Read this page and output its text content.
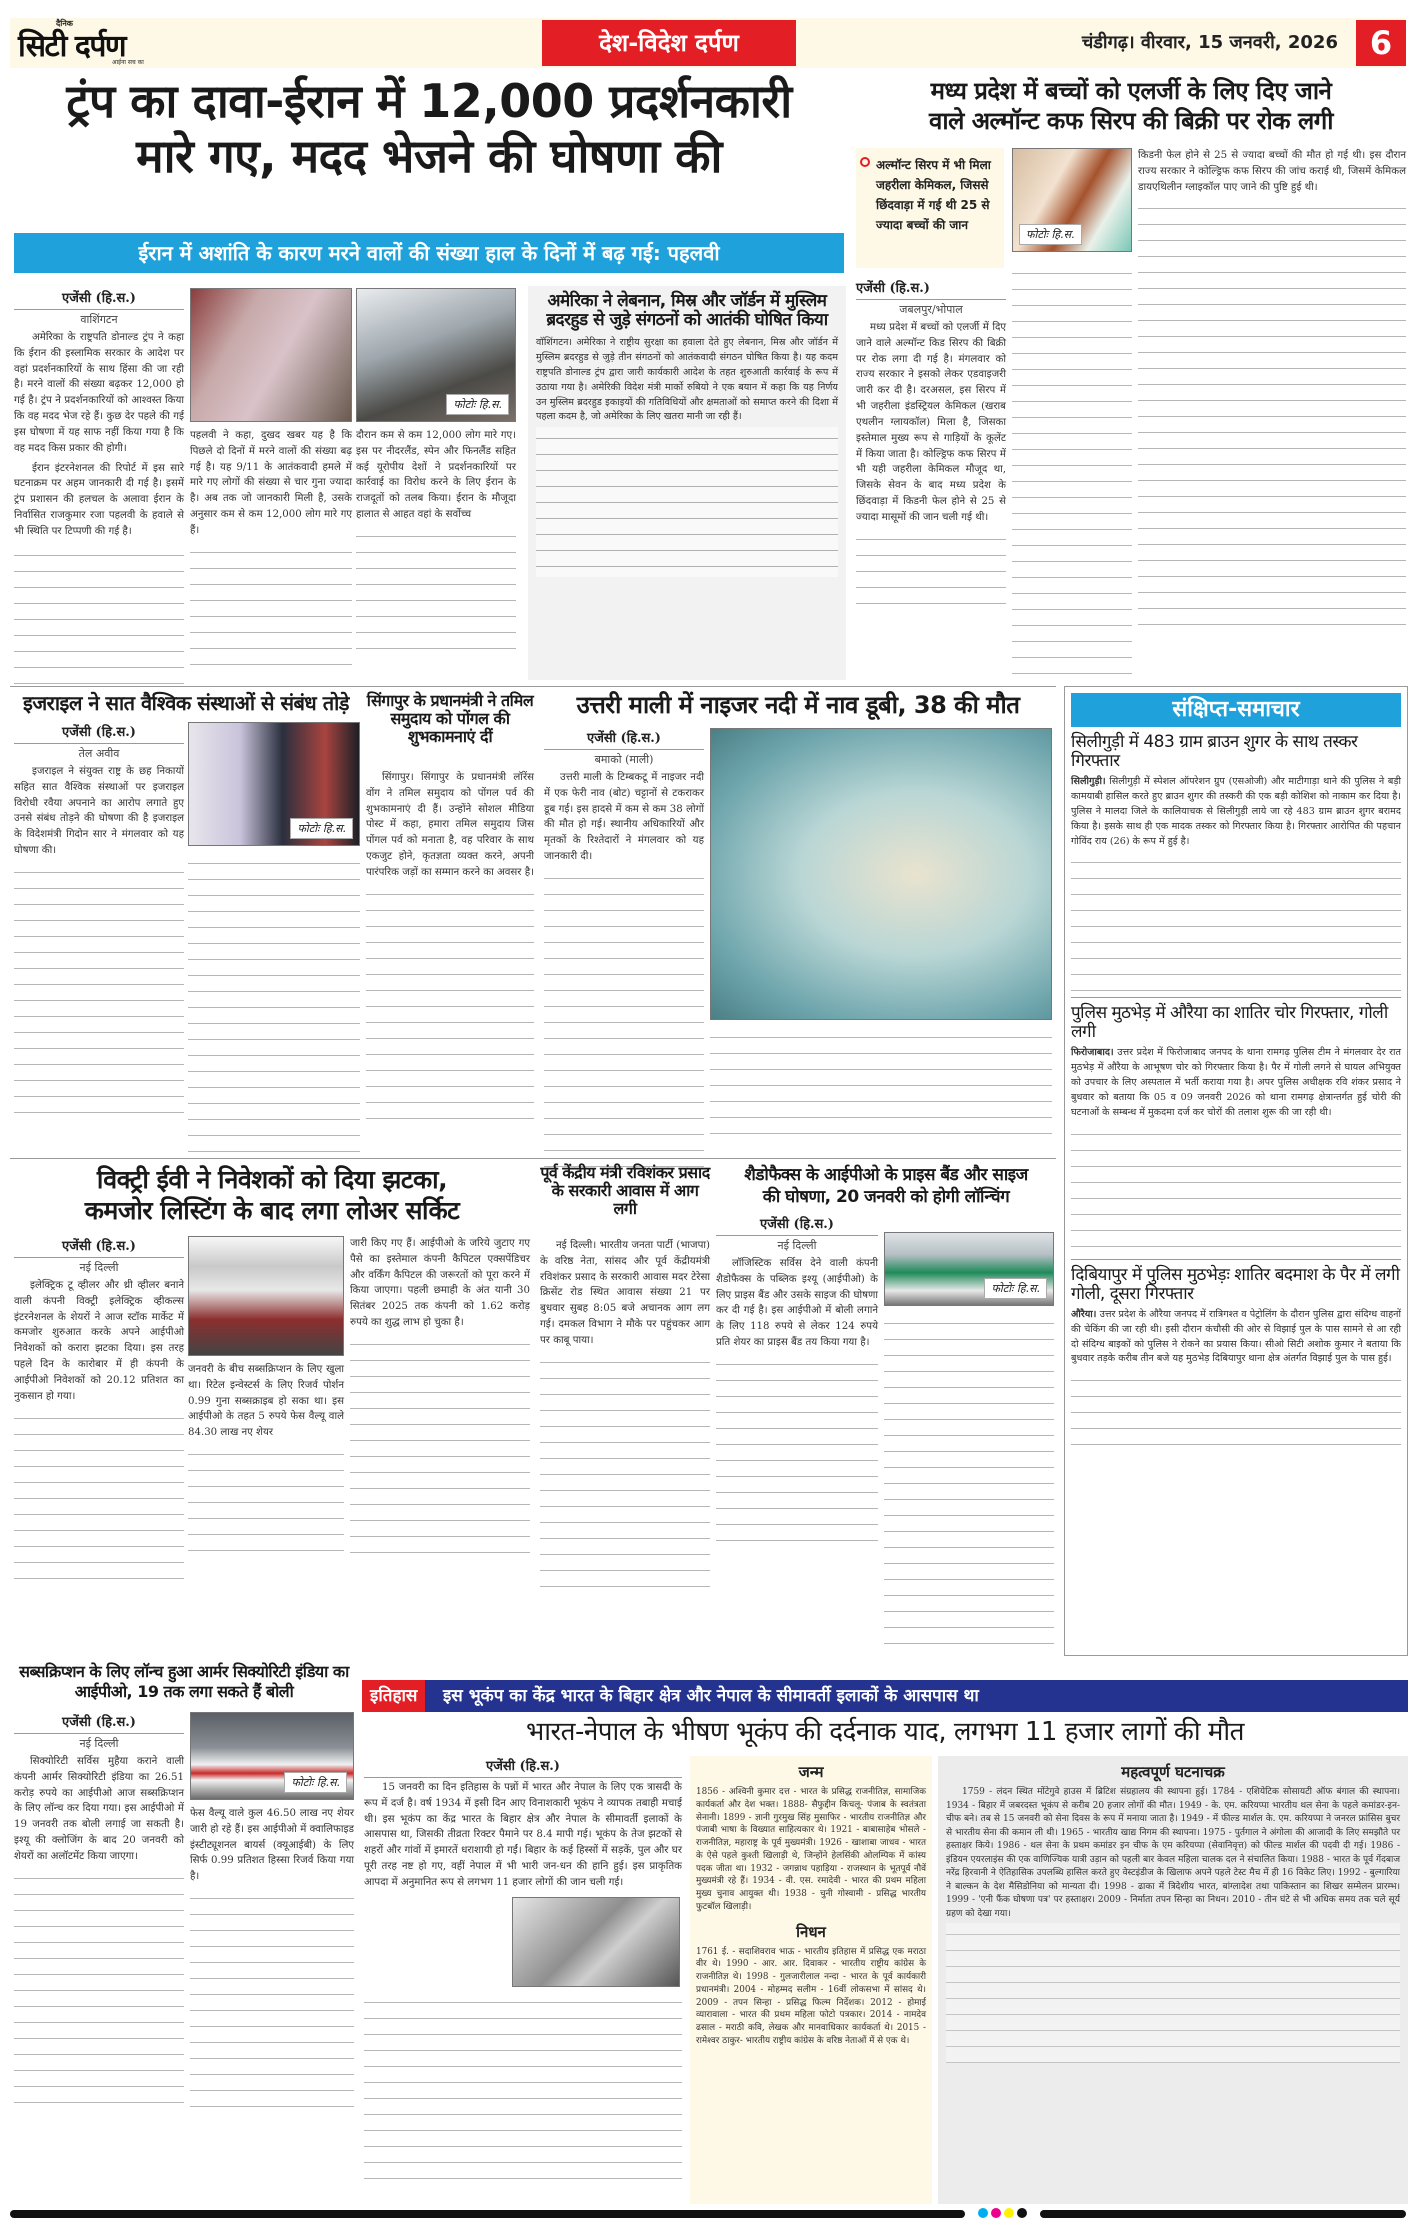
दैनिक
सिटी दर्पण
आईना सच का
देश-विदेश दर्पण	चंडीगढ़। वीरवार, 15 जनवरी, 2026 6
ट्रंप का दावा-ईरान में 12,000 प्रदर्शनकारी
मारे गए, मदद भेजने की घोषणा की
ईरान में अशांति के कारण मरने वालों की संख्या हाल के दिनों में बढ़ गई: पहलवी
एजेंसी (हि.स.)
वाशिंगटन

अमेरिका के राष्ट्रपति डोनाल्ड ट्रंप ने कहा कि ईरान की इस्लामिक सरकार के आदेश पर वहां प्रदर्शनकारियों के साथ हिंसा की जा रही है। मरने वालों की संख्या बढ़कर 12,000 हो गई है। ट्रंप ने प्रदर्शनकारियों को आश्वस्त किया कि वह मदद भेज रहे हैं। कुछ देर पहले की गई इस घोषणा में यह साफ नहीं किया गया है कि वह मदद किस प्रकार की होगी।

ईरान इंटरनेशनल की रिपोर्ट में इस सारे घटनाक्रम पर अहम जानकारी दी गई है। इसमें ट्रंप प्रशासन की हलचल के अलावा ईरान के निर्वासित राजकुमार रजा पहलवी के हवाले से भी स्थिति पर टिप्पणी की गई है।

फोटोः हि.स.

पहलवी ने कहा, दुखद खबर यह है कि पिछले दो दिनों में मरने वालों की संख्या बढ़ गई है। यह 9/11 के आतंकवादी हमले में मारे गए लोगों की संख्या से चार गुना ज्यादा है। अब तक जो जानकारी मिली है, उसके अनुसार कम से कम 12,000 लोग मारे गए हैं।

दौरान कम से कम 12,000 लोग मारे गए। इस पर नीदरलैंड, स्पेन और फिनलैंड सहित कई यूरोपीय देशों ने प्रदर्शनकारियों पर कार्रवाई का विरोध करने के लिए ईरान के राजदूतों को तलब किया। ईरान के मौजूदा हालात से आहत वहां के सर्वोच्च

अमेरिका ने लेबनान, मिस्र और जॉर्डन में मुस्लिम ब्रदरहुड से जुड़े संगठनों को आतंकी घोषित किया

वॉशिंगटन। अमेरिका ने राष्ट्रीय सुरक्षा का हवाला देते हुए लेबनान, मिस्र और जॉर्डन में मुस्लिम ब्रदरहुड से जुड़े तीन संगठनों को आतंकवादी संगठन घोषित किया है। यह कदम राष्ट्रपति डोनाल्ड ट्रंप द्वारा जारी कार्यकारी आदेश के तहत शुरुआती कार्रवाई के रूप में उठाया गया है। अमेरिकी विदेश मंत्री मार्को रुबियो ने एक बयान में कहा कि यह निर्णय उन मुस्लिम ब्रदरहुड इकाइयों की गतिविधियों और क्षमताओं को समाप्त करने की दिशा में पहला कदम है, जो अमेरिका के लिए खतरा मानी जा रही हैं।

मध्य प्रदेश में बच्चों को एलर्जी के लिए दिए जाने
वाले अल्मॉन्ट कफ सिरप की बिक्री पर रोक लगी
अल्मॉन्ट सिरप में भी मिला जहरीला केमिकल, जिससे छिंदवाड़ा में गई थी 25 से ज्यादा बच्चों की जान
फोटोः हि.स.

किडनी फेल होने से 25 से ज्यादा बच्चों की मौत हो गई थी। इस दौरान राज्य सरकार ने कोल्ड्रिफ कफ सिरप की जांच कराई थी, जिसमें केमिकल डायएथिलीन ग्लाइकॉल पाए जाने की पुष्टि हुई थी।

एजेंसी (हि.स.)
जबलपुर/भोपाल

मध्य प्रदेश में बच्चों को एलर्जी में दिए जाने वाले अल्मॉन्ट किड सिरप की बिक्री पर रोक लगा दी गई है। मंगलवार को राज्य सरकार ने इसको लेकर एडवाइजरी जारी कर दी है। दरअसल, इस सिरप में भी जहरीला इंडस्ट्रियल केमिकल (खराब एथलीन ग्लायकॉल) मिला है, जिसका इस्तेमाल मुख्य रूप से गाड़ियों के कूलेंट में किया जाता है। कोल्ड्रिफ कफ सिरप में भी यही जहरीला केमिकल मौजूद था, जिसके सेवन के बाद मध्य प्रदेश के छिंदवाड़ा में किडनी फेल होने से 25 से ज्यादा मासूमों की जान चली गई थी।

इजराइल ने सात वैश्विक संस्थाओं से संबंध तोड़े
एजेंसी (हि.स.)
तेल अवीव

इजराइल ने संयुक्त राष्ट्र के छह निकायों सहित सात वैश्विक संस्थाओं पर इजराइल विरोधी रवैया अपनाने का आरोप लगाते हुए उनसे संबंध तोड़ने की घोषणा की है इजराइल के विदेशमंत्री गिदोन सार ने मंगलवार को यह घोषणा की।

फोटोः हि.स.
सिंगापुर के प्रधानमंत्री ने तमिल समुदाय को पोंगल की शुभकामनाएं दीं

सिंगापुर। सिंगापुर के प्रधानमंत्री लॉरेंस वोंग ने तमिल समुदाय को पोंगल पर्व की शुभकामनाएं दी हैं। उन्होंने सोशल मीडिया पोस्ट में कहा, हमारा तमिल समुदाय जिस पोंगल पर्व को मनाता है, वह परिवार के साथ एकजुट होने, कृतज्ञता व्यक्त करने, अपनी पारंपरिक जड़ों का सम्मान करने का अवसर है।

उत्तरी माली में नाइजर नदी में नाव डूबी, 38 की मौत
एजेंसी (हि.स.)
बमाको (माली)

उत्तरी माली के टिम्बकटू में नाइजर नदी में एक फेरी नाव (बोट) चट्टानों से टकराकर डूब गई। इस हादसे में कम से कम 38 लोगों की मौत हो गई। स्थानीय अधिकारियों और मृतकों के रिश्तेदारों ने मंगलवार को यह जानकारी दी।

संक्षिप्त-समाचार
सिलीगुड़ी में 483 ग्राम ब्राउन शुगर के साथ तस्कर गिरफ्तार

सिलीगुड़ी। सिलीगुड़ी में स्पेशल ऑपरेशन ग्रुप (एसओजी) और माटीगाड़ा थाने की पुलिस ने बड़ी कामयाबी हासिल करते हुए ब्राउन शुगर की तस्करी की एक बड़ी कोशिश को नाकाम कर दिया है। पुलिस ने मालदा जिले के कालियाचक से सिलीगुड़ी लाये जा रहे 483 ग्राम ब्राउन शुगर बरामद किया है। इसके साथ ही एक मादक तस्कर को गिरफ्तार किया है। गिरफ्तार आरोपित की पहचान गोविंद राय (26) के रूप में हुई है।

पुलिस मुठभेड़ में औरैया का शातिर चोर गिरफ्तार, गोली लगी

फिरोजाबाद। उत्तर प्रदेश में फिरोजाबाद जनपद के थाना रामगढ़ पुलिस टीम ने मंगलवार देर रात मुठभेड़ में औरैया के आभूषण चोर को गिरफ्तार किया है। पैर में गोली लगने से घायल अभियुक्त को उपचार के लिए अस्पताल में भर्ती कराया गया है। अपर पुलिस अधीक्षक रवि शंकर प्रसाद ने बुधवार को बताया कि 05 व 09 जनवरी 2026 को थाना रामगढ़ क्षेत्रान्तर्गत हुई चोरी की घटनाओं के सम्बन्ध में मुकदमा दर्ज कर चोरों की तलाश शुरू की जा रही थी।

दिबियापुर में पुलिस मुठभेड़ः शातिर बदमाश के पैर में लगी गोली, दूसरा गिरफ्तार

औरैया। उत्तर प्रदेश के औरैया जनपद में रात्रिगश्त व पेट्रोलिंग के दौरान पुलिस द्वारा संदिग्ध वाहनों की चेकिंग की जा रही थी। इसी दौरान कंचौसी की ओर से विझाई पुल के पास सामने से आ रही दो संदिग्ध बाइकों को पुलिस ने रोकने का प्रयास किया। सीओ सिटी अशोक कुमार ने बताया कि बुधवार तड़के करीब तीन बजे यह मुठभेड़ दिबियापुर थाना क्षेत्र अंतर्गत विझाई पुल के पास हुई।

विक्ट्री ईवी ने निवेशकों को दिया झटका,
कमजोर लिस्टिंग के बाद लगा लोअर सर्किट
एजेंसी (हि.स.)
नई दिल्ली

इलेक्ट्रिक टू व्हीलर और थ्री व्हीलर बनाने वाली कंपनी विक्ट्री इलेक्ट्रिक व्हीकल्स इंटरनेशनल के शेयरों ने आज स्टॉक मार्केट में कमजोर शुरुआत करके अपने आईपीओ निवेशकों को करारा झटका दिया। इस तरह पहले दिन के कारोबार में ही कंपनी के आईपीओ निवेशकों को 20.12 प्रतिशत का नुकसान हो गया।

जनवरी के बीच सब्सक्रिप्शन के लिए खुला था। रिटेल इन्वेस्टर्स के लिए रिजर्व पोर्शन 0.99 गुना सब्सक्राइब हो सका था। इस आईपीओ के तहत 5 रुपये फेस वैल्यू वाले 84.30 लाख नए शेयर

जारी किए गए हैं। आईपीओ के जरिये जुटाए गए पैसे का इस्तेमाल कंपनी कैपिटल एक्सपेंडिचर और वर्किंग कैपिटल की जरूरतों को पूरा करने में किया जाएगा। पहली छमाही के अंत यानी 30 सितंबर 2025 तक कंपनी को 1.62 करोड़ रुपये का शुद्ध लाभ हो चुका है।

पूर्व केंद्रीय मंत्री रविशंकर प्रसाद के सरकारी आवास में आग लगी

नई दिल्ली। भारतीय जनता पार्टी (भाजपा) के वरिष्ठ नेता, सांसद और पूर्व केंद्रीयमंत्री रविशंकर प्रसाद के सरकारी आवास मदर टेरेसा क्रिसेंट रोड स्थित आवास संख्या 21 पर बुधवार सुबह 8:05 बजे अचानक आग लग गई। दमकल विभाग ने मौके पर पहुंचकर आग पर काबू पाया।

शैडोफैक्स के आईपीओ के प्राइस बैंड और साइज
की घोषणा, 20 जनवरी को होगी लॉन्चिंग
एजेंसी (हि.स.)
नई दिल्ली

लॉजिस्टिक सर्विस देने वाली कंपनी शैडोफैक्स के पब्लिक इश्यू (आईपीओ) के लिए प्राइस बैंड और उसके साइज की घोषणा कर दी गई है। इस आईपीओ में बोली लगाने के लिए 118 रुपये से लेकर 124 रुपये प्रति शेयर का प्राइस बैंड तय किया गया है।

फोटोः हि.स.
सब्सक्रिप्शन के लिए लॉन्च हुआ आर्मर सिक्योरिटी इंडिया का आईपीओ, 19 तक लगा सकते हैं बोली
एजेंसी (हि.स.)
नई दिल्ली

सिक्योरिटी सर्विस मुहैया कराने वाली कंपनी आर्मर सिक्योरिटी इंडिया का 26.51 करोड़ रुपये का आईपीओ आज सब्सक्रिप्शन के लिए लॉन्च कर दिया गया। इस आईपीओ में 19 जनवरी तक बोली लगाई जा सकती है। इश्यू की क्लोजिंग के बाद 20 जनवरी को शेयरों का अलॉटमेंट किया जाएगा।

फोटोः हि.स.

फेस वैल्यू वाले कुल 46.50 लाख नए शेयर जारी हो रहे हैं। इस आईपीओ में क्वालिफाइड इंस्टीट्यूशनल बायर्स (क्यूआईबी) के लिए सिर्फ 0.99 प्रतिशत हिस्सा रिजर्व किया गया है।

इतिहास इस भूकंप का केंद्र भारत के बिहार क्षेत्र और नेपाल के सीमावर्ती इलाकों के आसपास था
भारत-नेपाल के भीषण भूकंप की दर्दनाक याद, लगभग 11 हजार लागों की मौत
एजेंसी (हि.स.)

15 जनवरी का दिन इतिहास के पन्नों में भारत और नेपाल के लिए एक त्रासदी के रूप में दर्ज है। वर्ष 1934 में इसी दिन आए विनाशकारी भूकंप ने व्यापक तबाही मचाई थी। इस भूकंप का केंद्र भारत के बिहार क्षेत्र और नेपाल के सीमावर्ती इलाकों के आसपास था, जिसकी तीव्रता रिक्टर पैमाने पर 8.4 मापी गई। भूकंप के तेज झटकों से शहरों और गांवों में इमारतें धराशायी हो गईं। बिहार के कई हिस्सों में सड़कें, पुल और घर पूरी तरह नष्ट हो गए, वहीं नेपाल में भी भारी जन-धन की हानि हुई। इस प्राकृतिक आपदा में अनुमानित रूप से लगभग 11 हजार लोगों की जान चली गई।

जन्म

1856 - अश्विनी कुमार दत्त - भारत के प्रसिद्ध राजनीतिज्ञ, सामाजिक कार्यकर्ता और देश भक्त। 1888- सैफुद्दीन किचलू- पंजाब के स्वतंत्रता सेनानी। 1899 - ज्ञानी गुरमुख सिंह मुसाफिर - भारतीय राजनीतिज्ञ और पंजाबी भाषा के विख्यात साहित्यकार थे। 1921 - बाबासाहेब भोसले - राजनीतिज्ञ, महाराष्ट्र के पूर्व मुख्यमंत्री। 1926 - खाशाबा जाधव - भारत के ऐसे पहले कुश्ती खिलाड़ी थे, जिन्होंने हेलसिंकी ओलम्पिक में कांस्य पदक जीता था। 1932 - जगन्नाथ पहाड़िया - राजस्थान के भूतपूर्व नौवें मुख्यमंत्री रहे हैं। 1934 - वी. एस. रमादेवी - भारत की प्रथम महिला मुख्य चुनाव आयुक्त थी। 1938 - चुनी गोस्वामी - प्रसिद्ध भारतीय फुटबॉल खिलाड़ी।

निधन

1761 ई. - सदाशिवराव भाऊ - भारतीय इतिहास में प्रसिद्ध एक मराठा वीर थे। 1990 - आर. आर. दिवाकर - भारतीय राष्ट्रीय कांग्रेस के राजनीतिज्ञ थे। 1998 - गुलजारीलाल नन्दा - भारत के पूर्व कार्यकारी प्रधानमंत्री। 2004 - मोहम्मद सलीम - 16वीं लोकसभा में सांसद थे। 2009 - तपन सिन्हा - प्रसिद्ध फिल्म निर्देशक। 2012 - होमाई व्यारावाला - भारत की प्रथम महिला फोटो पत्रकार। 2014 - नामदेव ढसाल - मराठी कवि, लेखक और मानवाधिकार कार्यकर्ता थे। 2015 - रामेश्वर ठाकुर- भारतीय राष्ट्रीय कांग्रेस के वरिष्ठ नेताओं में से एक थे।

महत्वपूर्ण घटनाचक्र

1759 - लंदन स्थित मोंटेगुवे हाउस में ब्रिटिश संग्रहालय की स्थापना हुई। 1784 - एशियेटिक सोसायटी ऑफ बंगाल की स्थापना। 1934 - बिहार में जबरदस्त भूकंप से करीब 20 हजार लोगों की मौत। 1949 - के. एम. करियप्पा भारतीय थल सेना के पहले कमांडर-इन-चीफ बने। तब से 15 जनवरी को सेना दिवस के रूप में मनाया जाता है। 1949 - में फील्ड मार्शल के. एम. करियप्पा ने जनरल फ्रांसिस बुचर से भारतीय सेना की कमान ली थी। 1965 - भारतीय खाद्य निगम की स्थापना। 1975 - पुर्तगाल ने अंगोला की आजादी के लिए समझौते पर हस्ताक्षर किये। 1986 - थल सेना के प्रथम कमांडर इन चीफ के एम करियप्पा (सेवानिवृत्त) को फील्ड मार्शल की पदवी दी गई। 1986 - इंडियन एयरलाइंस की एक वाणिज्यिक यात्री उड़ान को पहली बार केवल महिला चालक दल ने संचालित किया। 1988 - भारत के पूर्व गेंदबाज नरेंद्र हिरवानी ने ऐतिहासिक उपलब्धि हासिल करते हुए वेस्टइंडीज के खिलाफ अपने पहले टेस्ट मैच में ही 16 विकेट लिए। 1992 - बुल्गारिया ने बाल्कन के देश मैसिडोनिया को मान्यता दी। 1998 - ढाका में त्रिदेशीय भारत, बांग्लादेश तथा पाकिस्तान का शिखर सम्मेलन प्रारम्भ। 1999 - 'एनी फैंक घोषणा पत्र' पर हस्ताक्षर। 2009 - निर्माता तपन सिन्हा का निधन। 2010 - तीन घंटे से भी अधिक समय तक चले सूर्य ग्रहण को देखा गया।
